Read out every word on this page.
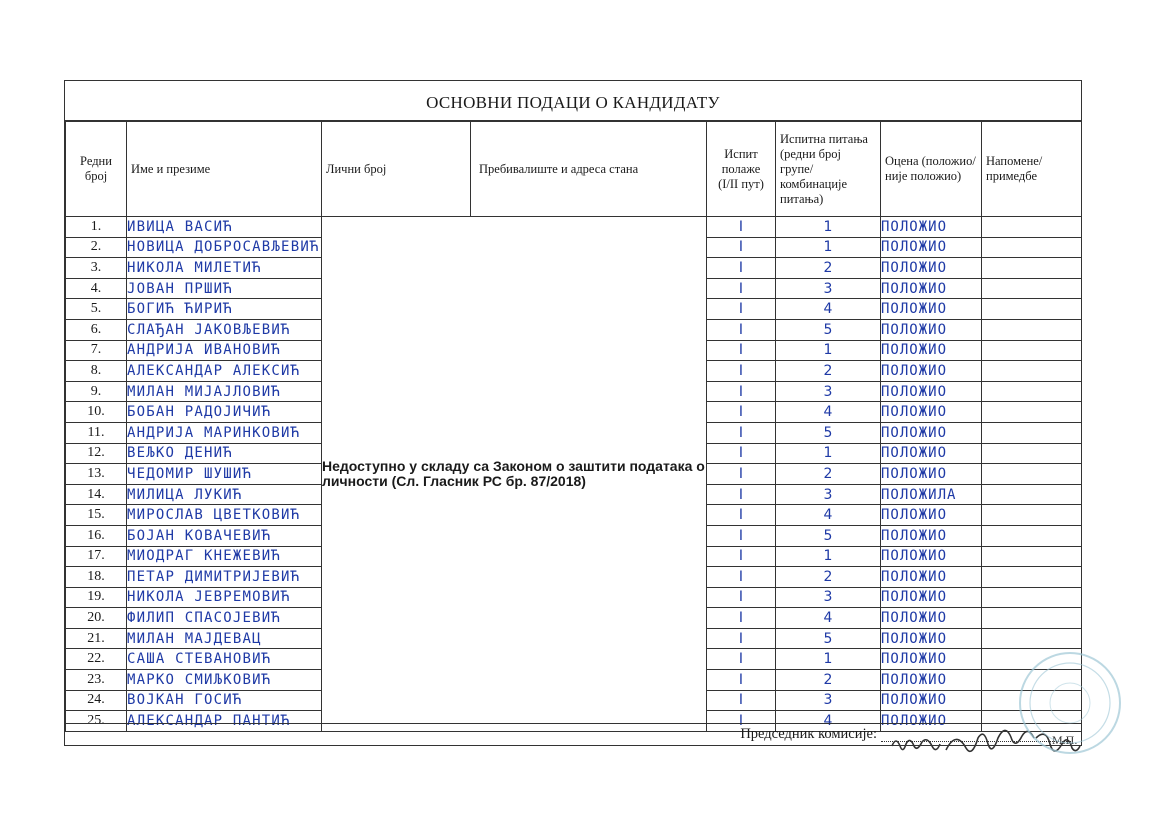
ОСНОВНИ ПОДАЦИ О КАНДИДАТУ
Редни број	Име и презиме	Лични број	Пребивалиште и адреса стана	Испит полаже (I/II пут)	Испитна питања (редни број групе/ комбинације питања)	Оцена (положио/ није положио)	Напомене/ примедбе
1.	ИВИЦА ВАСИЋ	Недоступно у складу са Законом о заштити података о личности (Сл. Гласник РС бр. 87/2018)		I	1	ПОЛОЖИО	
2.	НОВИЦА ДОБРОСАВЉЕВИЋ			I	1	ПОЛОЖИО	
3.	НИКОЛА МИЛЕТИЋ			I	2	ПОЛОЖИО	
4.	ЈОВАН ПРШИЋ			I	3	ПОЛОЖИО	
5.	БОГИЋ ЋИРИЋ			I	4	ПОЛОЖИО	
6.	СЛАЂАН ЈАКОВЉЕВИЋ			I	5	ПОЛОЖИО	
7.	АНДРИЈА ИВАНОВИЋ			I	1	ПОЛОЖИО	
8.	АЛЕКСАНДАР АЛЕКСИЋ			I	2	ПОЛОЖИО	
9.	МИЛАН МИЈАЈЛОВИЋ			I	3	ПОЛОЖИО	
10.	БОБАН РАДОЈИЧИЋ			I	4	ПОЛОЖИО	
11.	АНДРИЈА МАРИНКОВИЋ			I	5	ПОЛОЖИО	
12.	ВЕЉКО ДЕНИЋ			I	1	ПОЛОЖИО	
13.	ЧЕДОМИР ШУШИЋ			I	2	ПОЛОЖИО	
14.	МИЛИЦА ЛУКИЋ			I	3	ПОЛОЖИЛА	
15.	МИРОСЛАВ ЦВЕТКОВИЋ			I	4	ПОЛОЖИО	
16.	БОЈАН КОВАЧЕВИЋ			I	5	ПОЛОЖИО	
17.	МИОДРАГ КНЕЖЕВИЋ			I	1	ПОЛОЖИО	
18.	ПЕТАР ДИМИТРИЈЕВИЋ			I	2	ПОЛОЖИО	
19.	НИКОЛА ЈЕВРЕМОВИЋ			I	3	ПОЛОЖИО	
20.	ФИЛИП СПАСОЈЕВИЋ			I	4	ПОЛОЖИО	
21.	МИЛАН МАЈДЕВАЦ			I	5	ПОЛОЖИО	
22.	САША СТЕВАНОВИЋ			I	1	ПОЛОЖИО	
23.	МАРКО СМИЉКОВИЋ			I	2	ПОЛОЖИО	
24.	ВОЈКАН ГОСИЋ			I	3	ПОЛОЖИО	
25.	АЛЕКСАНДАР ПАНТИЋ			I	4	ПОЛОЖИО	
Председник комисије:	М.П.
